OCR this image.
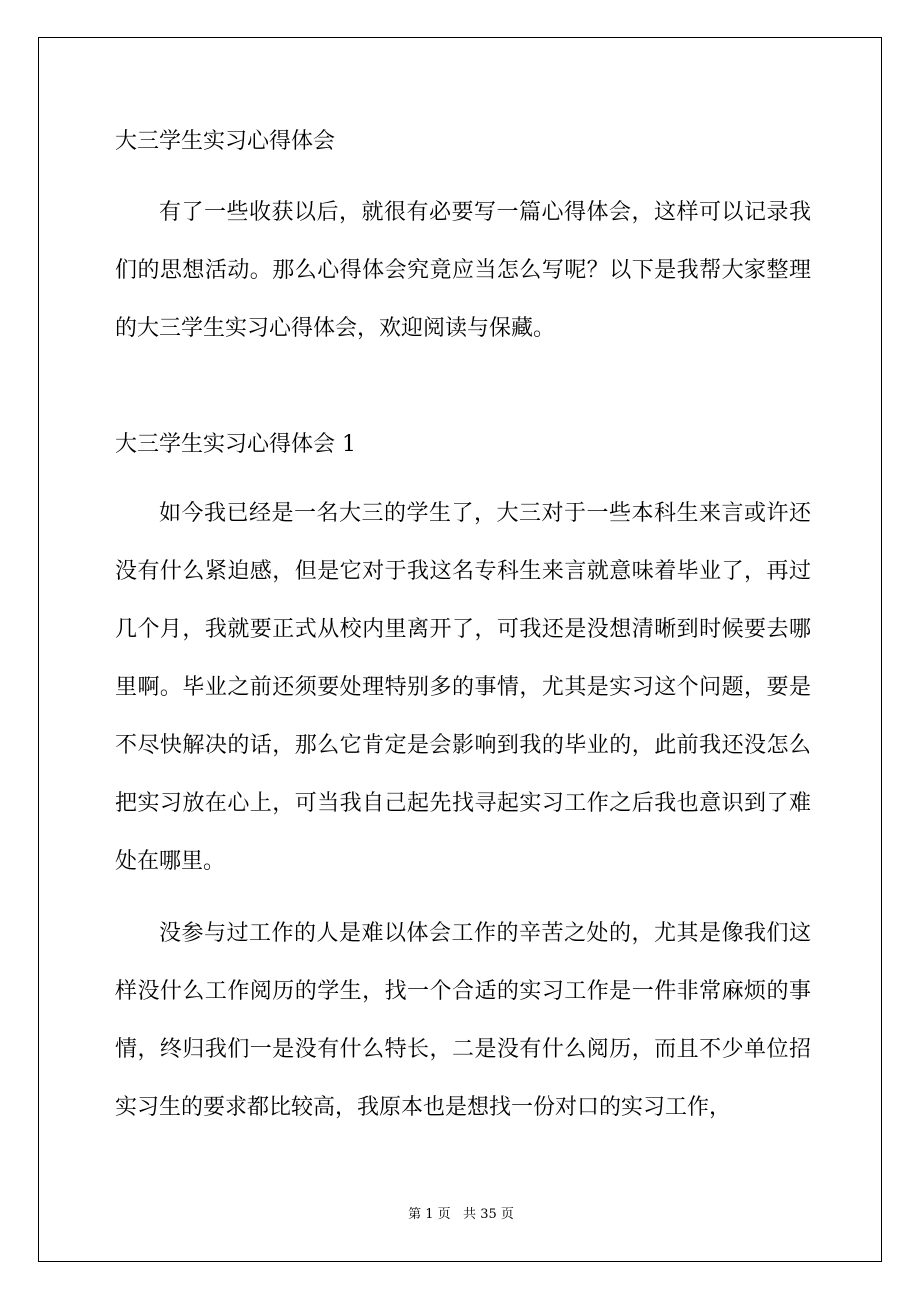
大三学生实习心得体会
有了一些收获以后，就很有必要写一篇心得体会，这样可以记录我们的思想活动。那么心得体会究竟应当怎么写呢？以下是我帮大家整理的大三学生实习心得体会，欢迎阅读与保藏。
大三学生实习心得体会 1
如今我已经是一名大三的学生了，大三对于一些本科生来言或许还没有什么紧迫感，但是它对于我这名专科生来言就意味着毕业了，再过几个月，我就要正式从校内里离开了，可我还是没想清晰到时候要去哪里啊。毕业之前还须要处理特别多的事情，尤其是实习这个问题，要是不尽快解决的话，那么它肯定是会影响到我的毕业的，此前我还没怎么把实习放在心上，可当我自己起先找寻起实习工作之后我也意识到了难处在哪里。
没参与过工作的人是难以体会工作的辛苦之处的，尤其是像我们这样没什么工作阅历的学生，找一个合适的实习工作是一件非常麻烦的事情，终归我们一是没有什么特长，二是没有什么阅历，而且不少单位招实习生的要求都比较高，我原本也是想找一份对口的实习工作，
第 1 页   共 35 页
